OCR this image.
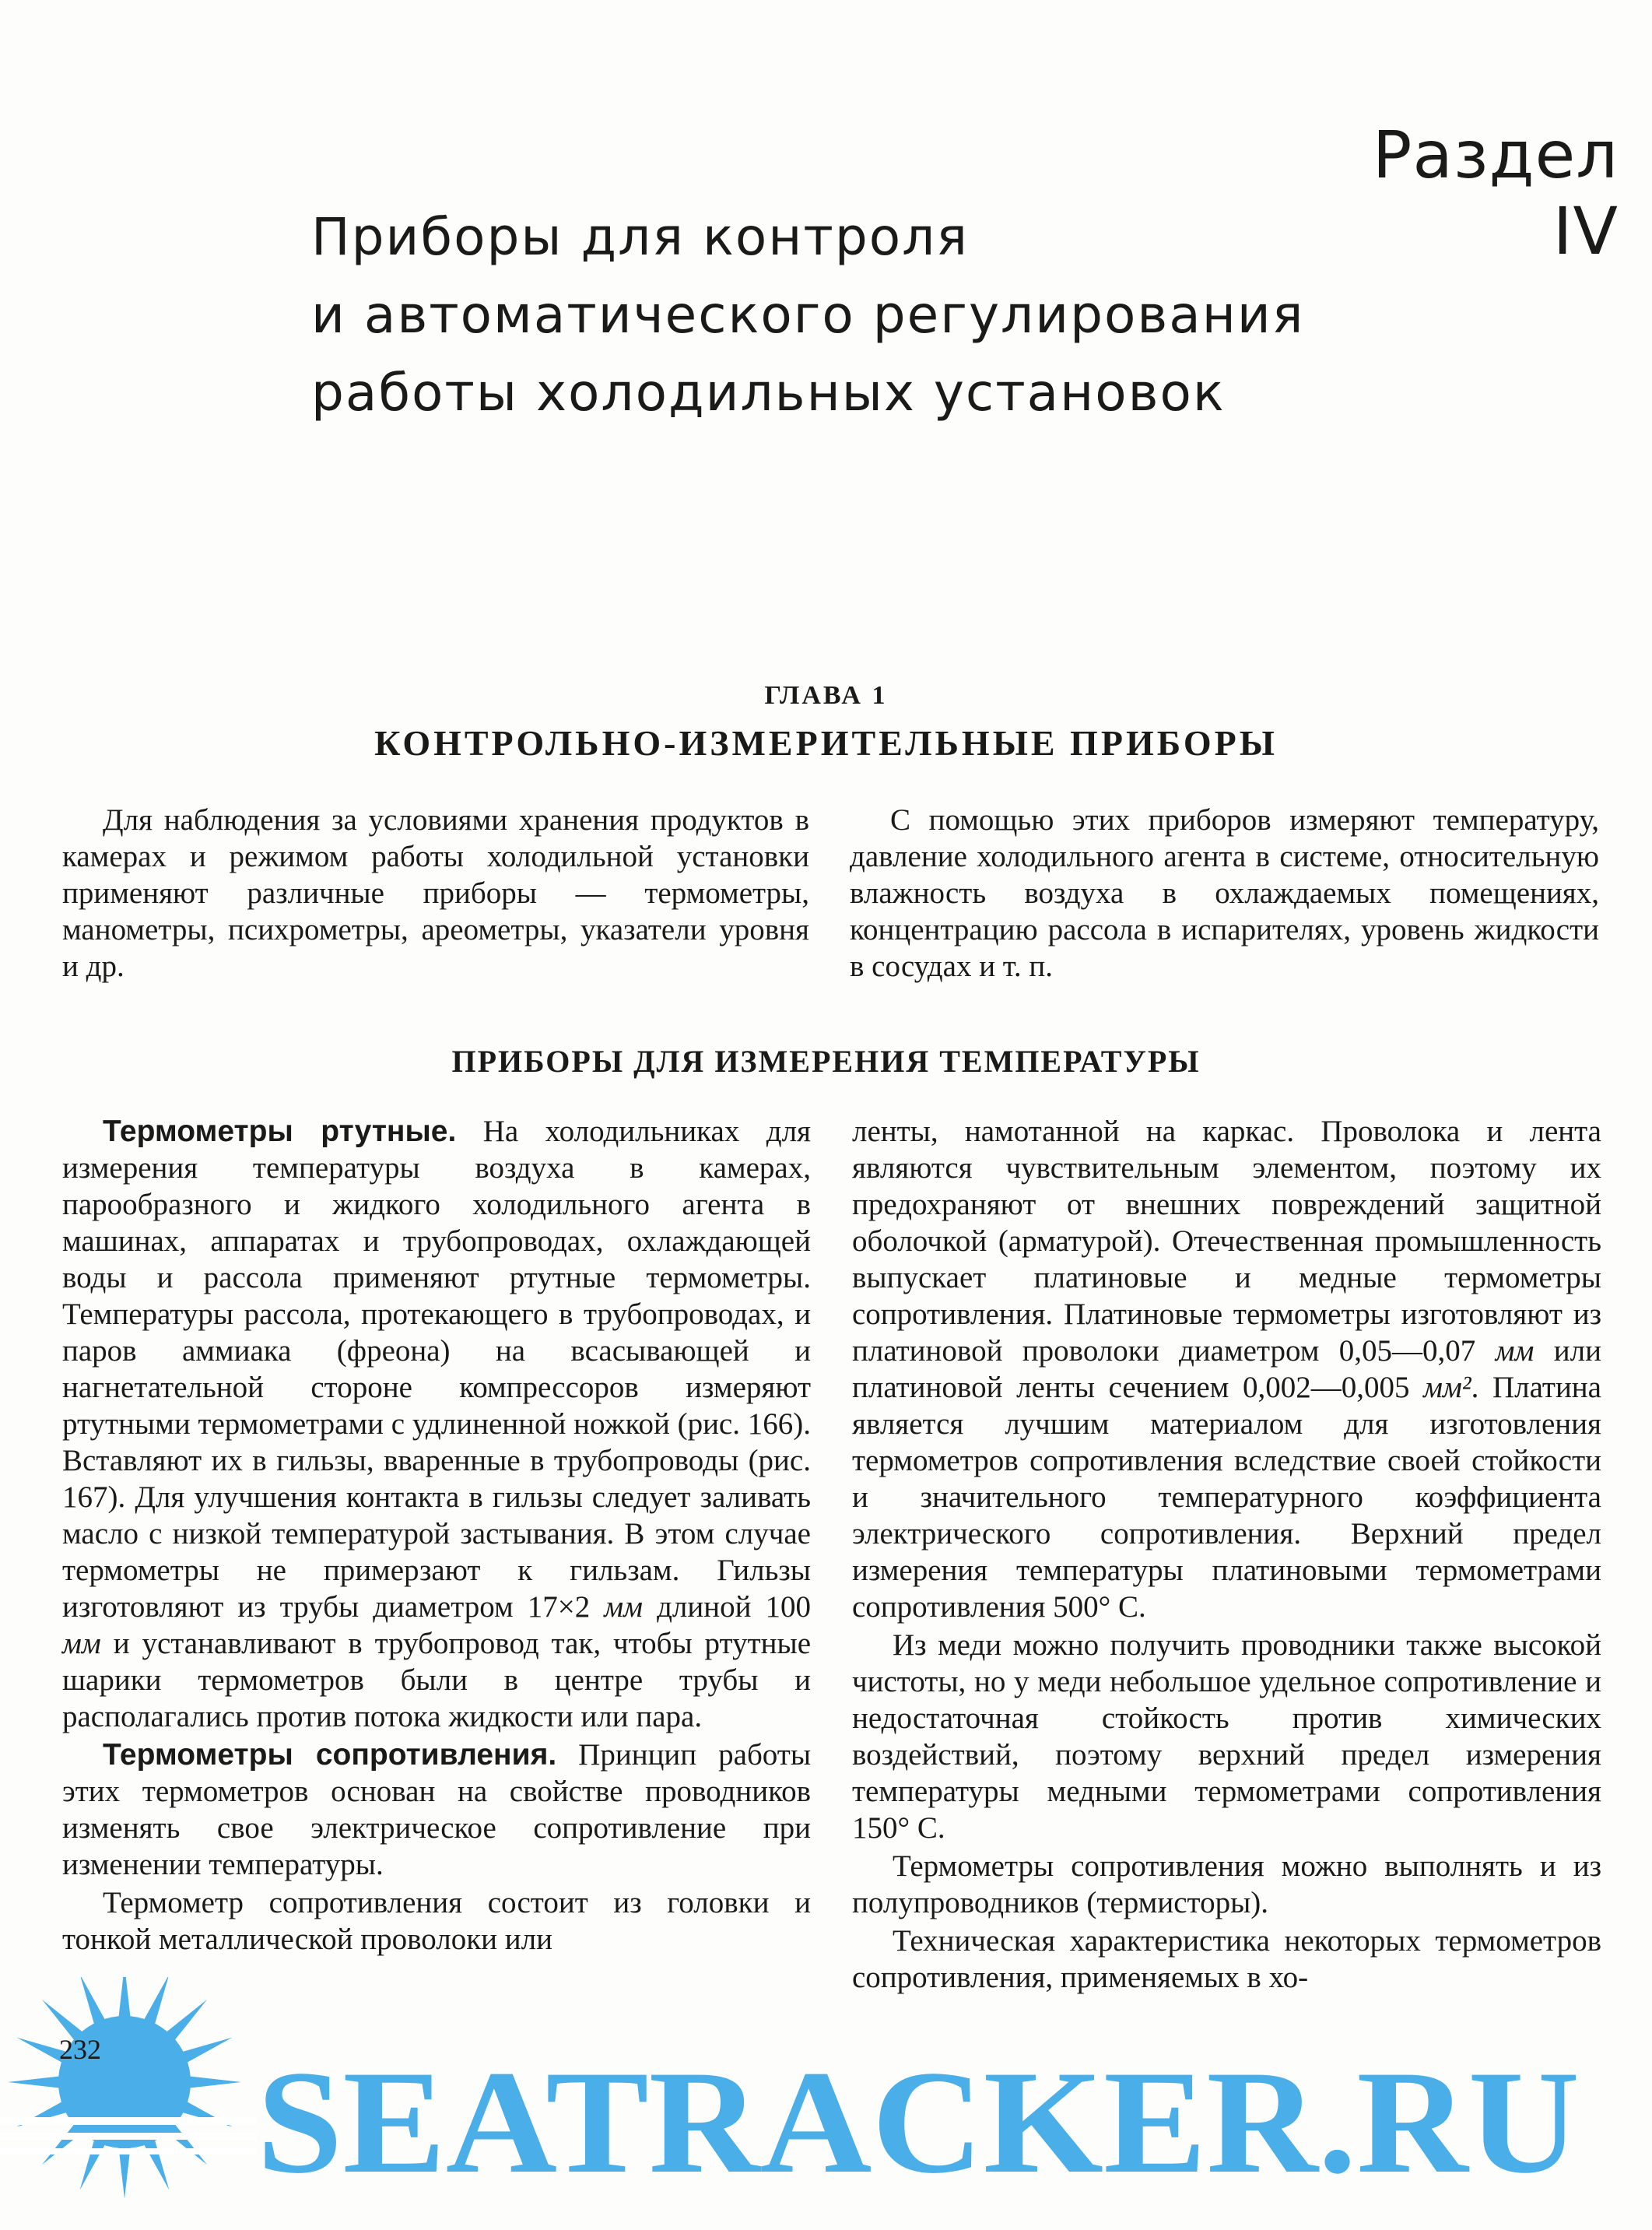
Раздел IV
Приборы для контроля
и автоматического регулирования
работы холодильных установок
ГЛАВА 1
КОНТРОЛЬНО-ИЗМЕРИТЕЛЬНЫЕ ПРИБОРЫ

Для наблюдения за условиями хранения продуктов в камерах и режимом работы холодильной установки применяют различные приборы — термометры, манометры, психрометры, ареометры, указатели уровня и др.

С помощью этих приборов измеряют температуру, давление холодильного агента в системе, относительную влажность воздуха в охлаждаемых помещениях, концентрацию рассола в испарителях, уровень жидкости в сосудах и т. п.

ПРИБОРЫ ДЛЯ ИЗМЕРЕНИЯ ТЕМПЕРАТУРЫ

Термометры ртутные. На холодильниках для измерения температуры воздуха в камерах, парообразного и жидкого холодильного агента в машинах, аппаратах и трубопроводах, охлаждающей воды и рассола применяют ртутные термометры. Температуры рассола, протекающего в трубопроводах, и паров аммиака (фреона) на всасывающей и нагнетательной стороне компрессоров измеряют ртутными термометрами с удлиненной ножкой (рис. 166). Вставляют их в гильзы, вваренные в трубопроводы (рис. 167). Для улучшения контакта в гильзы следует заливать масло с низкой температурой застывания. В этом случае термометры не примерзают к гильзам. Гильзы изготовляют из трубы диаметром 17×2 мм длиной 100 мм и устанавливают в трубопровод так, чтобы ртутные шарики термометров были в центре трубы и располагались против потока жидкости или пара.

Термометры сопротивления. Принцип работы этих термометров основан на свойстве проводников изменять свое электрическое сопротивление при изменении температуры.

Термометр сопротивления состоит из головки и тонкой металлической проволоки или

ленты, намотанной на каркас. Проволока и лента являются чувствительным элементом, поэтому их предохраняют от внешних повреждений защитной оболочкой (арматурой). Отечественная промышленность выпускает платиновые и медные термометры сопротивления. Платиновые термометры изготовляют из платиновой проволоки диаметром 0,05—0,07 мм или платиновой ленты сечением 0,002—0,005 мм². Платина является лучшим материалом для изготовления термометров сопротивления вследствие своей стойкости и значительного температурного коэффициента электрического сопротивления. Верхний предел измерения температуры платиновыми термометрами сопротивления 500° С.

Из меди можно получить проводники также высокой чистоты, но у меди небольшое удельное сопротивление и недостаточная стойкость против химических воздействий, поэтому верхний предел измерения температуры медными термометрами сопротивления 150° С.

Термометры сопротивления можно выполнять и из полупроводников (термисторы).

Техническая характеристика некоторых термометров сопротивления, применяемых в хо-

SEATRACKER.RU
232
